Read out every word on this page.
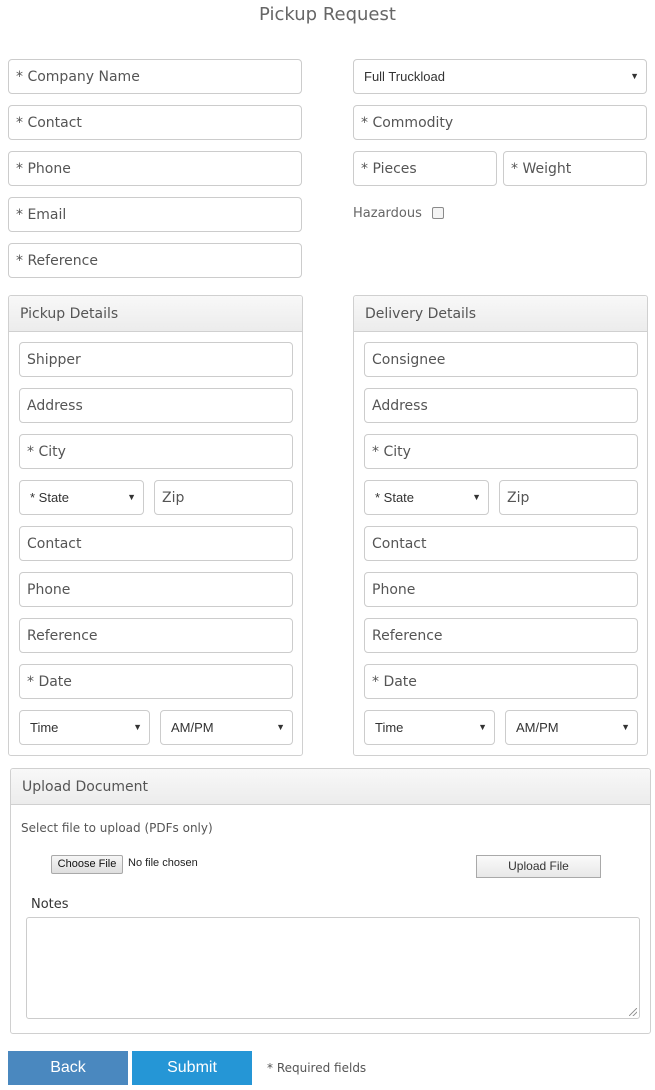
Pickup Request
* Company Name
* Contact
* Phone
* Email
* Reference
Full Truckload	▼
* Commodity
* Pieces
* Weight
Hazardous
Pickup Details
Shipper
Address
* City
* State	▼
Zip
Contact
Phone
Reference
* Date
Time	▼	AM/PM	▼
Delivery Details
Consignee
Address
* City
* State	▼
Zip
Contact
Phone
Reference
* Date
Time	▼	AM/PM	▼
Upload Document
Select file to upload (PDFs only)
Choose File	No file chosen	Upload File
Notes
Back	Submit	* Required fields
